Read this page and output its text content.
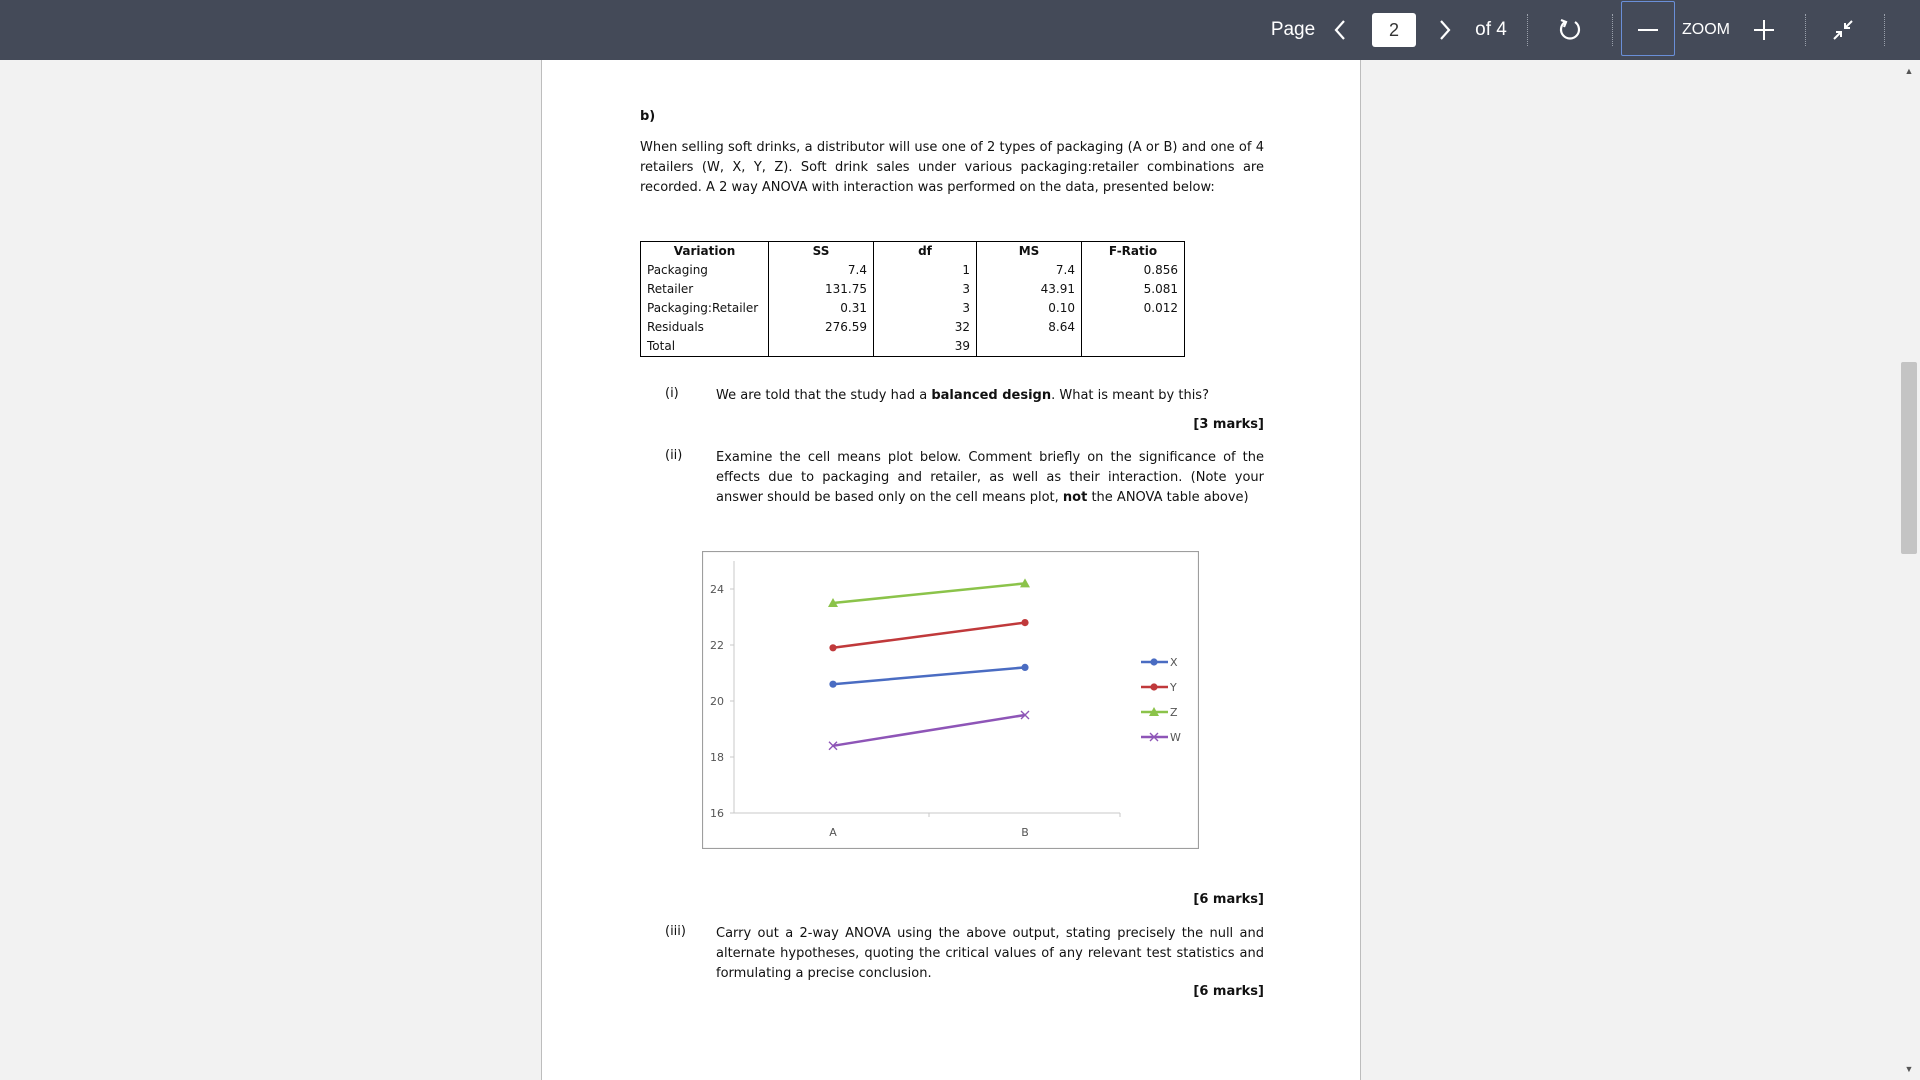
Page	2	of 4	ZOOM
b)
When selling soft drinks, a distributor will use one of 2 types of packaging (A or B) and one of 4 retailers (W, X, Y, Z). Soft drink sales under various packaging:retailer combinations are recorded. A 2 way ANOVA with interaction was performed on the data, presented below:
Variation	SS	df	MS	F-Ratio
Packaging	7.4	1	7.4	0.856
Retailer	131.75	3	43.91	5.081
Packaging:Retailer	0.31	3	0.10	0.012
Residuals	276.59	32	8.64	
Total		39		
(i)	We are told that the study had a balanced design. What is meant by this?
[3 marks]
(ii)	Examine the cell means plot below. Comment briefly on the significance of the effects due to packaging and retailer, as well as their interaction. (Note your answer should be based only on the cell means plot, not the ANOVA table above)
16
18
20
22
24
A	B
X
Y
Z
W
[6 marks]
(iii) Carry out a 2-way ANOVA using the above output, stating precisely the null and alternate hypotheses, quoting the critical values of any relevant test statistics and formulating a precise conclusion.
[6 marks]
▲
▼
